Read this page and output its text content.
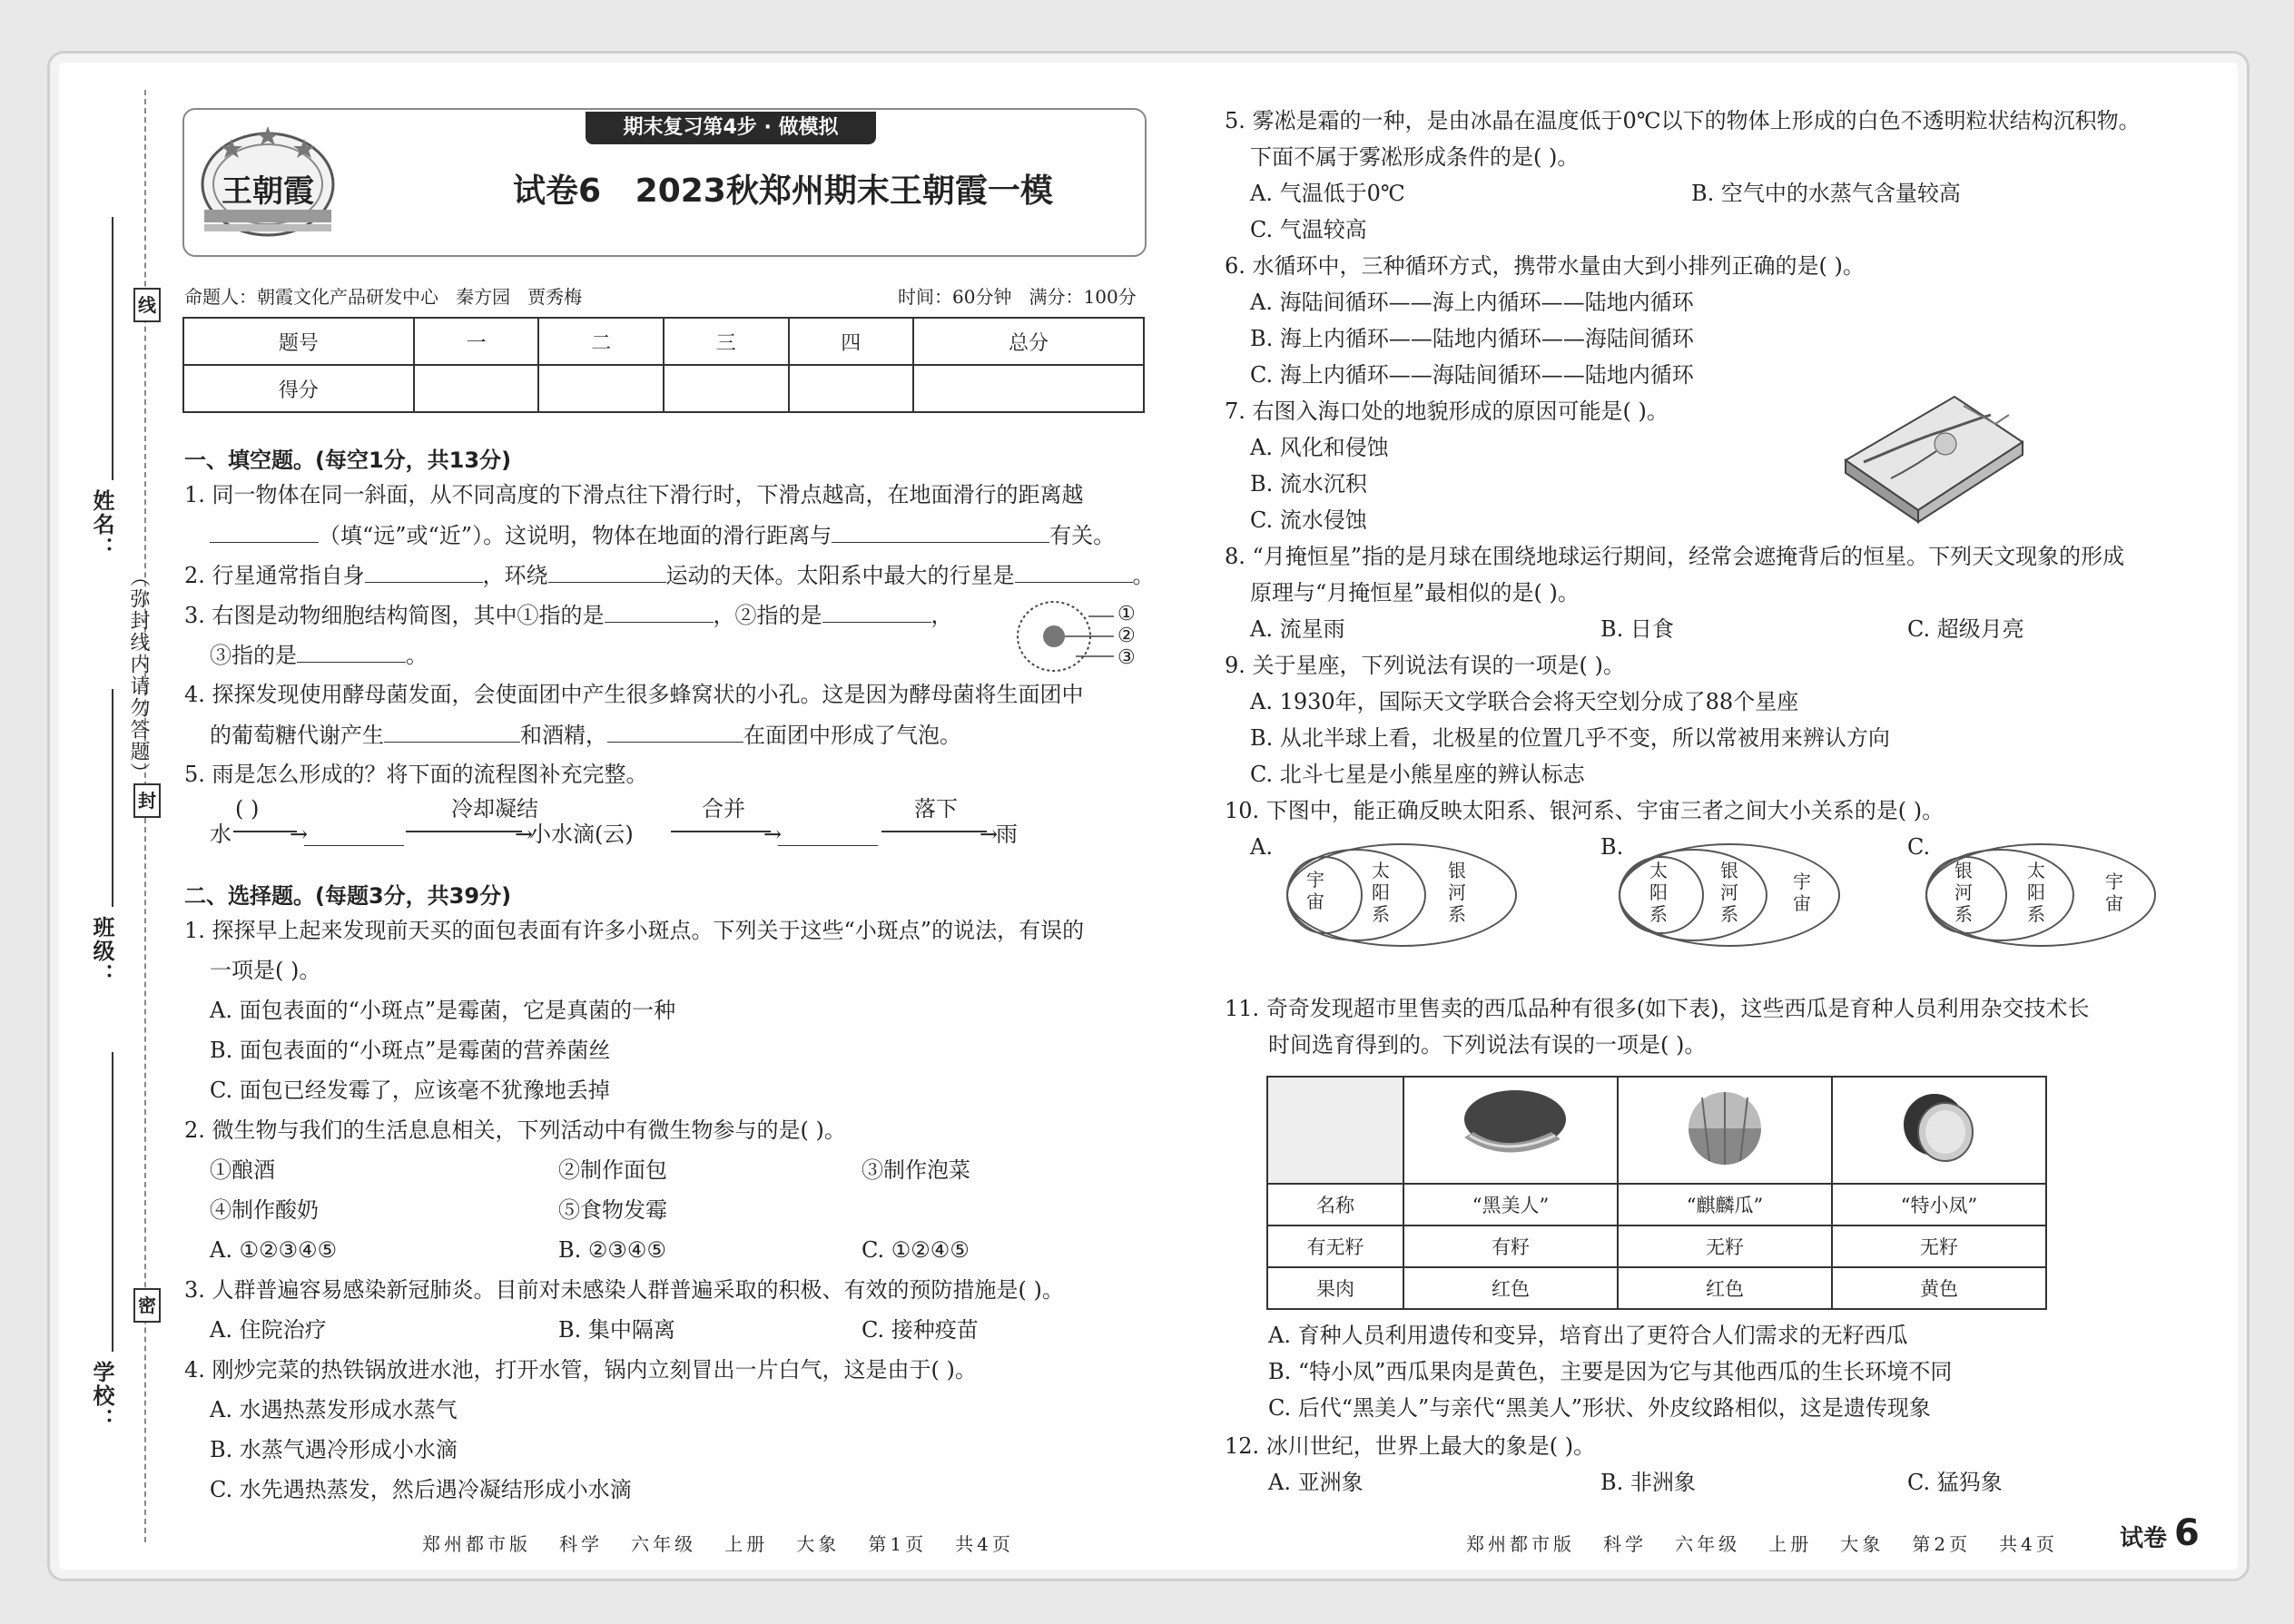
线
封
密
（弥封线内请勿答题）
姓名：
班级：
学校：
期末复习第4步 · 做模拟
王朝霞	试卷6   2023秋郑州期末王朝霞一模
命题人：朝霞文化产品研发中心   秦方园   贾秀梅	时间：60分钟   满分：100分
题号	一	二	三	四	总分
得分					
一、填空题。(每空1分，共13分)
1. 同一物体在同一斜面，从不同高度的下滑点往下滑行时，下滑点越高，在地面滑行的距离越
（填“远”或“近”）。这说明，物体在地面的滑行距离与	有关。
2. 行星通常指自身	，环绕	运动的天体。太阳系中最大的行星是	。
3. 右图是动物细胞结构简图，其中①指的是	，②指的是	，
③指的是	。
①
②
③
4. 探探发现使用酵母菌发面，会使面团中产生很多蜂窝状的小孔。这是因为酵母菌将生面团中
的葡萄糖代谢产生	和酒精，	在面团中形成了气泡。
5. 雨是怎么形成的？将下面的流程图补充完整。
水
( )
→
冷却凝结
→
小水滴(云)
合并
→
落下
→
雨
二、选择题。(每题3分，共39分)
1. 探探早上起来发现前天买的面包表面有许多小斑点。下列关于这些“小斑点”的说法，有误的
一项是( )。
A. 面包表面的“小斑点”是霉菌，它是真菌的一种
B. 面包表面的“小斑点”是霉菌的营养菌丝
C. 面包已经发霉了，应该毫不犹豫地丢掉
2. 微生物与我们的生活息息相关，下列活动中有微生物参与的是( )。
①酿酒	②制作面包	③制作泡菜
④制作酸奶	⑤食物发霉
A. ①②③④⑤	B. ②③④⑤	C. ①②④⑤
3. 人群普遍容易感染新冠肺炎。目前对未感染人群普遍采取的积极、有效的预防措施是( )。
A. 住院治疗	B. 集中隔离	C. 接种疫苗
4. 刚炒完菜的热铁锅放进水池，打开水管，锅内立刻冒出一片白气，这是由于( )。
A. 水遇热蒸发形成水蒸气
B. 水蒸气遇冷形成小水滴
C. 水先遇热蒸发，然后遇冷凝结形成小水滴
郑州都市版   科学   六年级   上册   大象   第1页   共4页
5. 雾凇是霜的一种，是由冰晶在温度低于0℃以下的物体上形成的白色不透明粒状结构沉积物。
下面不属于雾凇形成条件的是( )。
A. 气温低于0℃	B. 空气中的水蒸气含量较高
C. 气温较高
6. 水循环中，三种循环方式，携带水量由大到小排列正确的是( )。
A. 海陆间循环——海上内循环——陆地内循环
B. 海上内循环——陆地内循环——海陆间循环
C. 海上内循环——海陆间循环——陆地内循环
7. 右图入海口处的地貌形成的原因可能是( )。
A. 风化和侵蚀
B. 流水沉积
C. 流水侵蚀
8. “月掩恒星”指的是月球在围绕地球运行期间，经常会遮掩背后的恒星。下列天文现象的形成
原理与“月掩恒星”最相似的是( )。
A. 流星雨	B. 日食	C. 超级月亮
9. 关于星座，下列说法有误的一项是( )。
A. 1930年，国际天文学联合会将天空划分成了88个星座
B. 从北半球上看，北极星的位置几乎不变，所以常被用来辨认方向
C. 北斗七星是小熊星座的辨认标志
10. 下图中，能正确反映太阳系、银河系、宇宙三者之间大小关系的是( )。
A.
宇宙
太阳系
银河系
B.
太阳系
银河系
宇宙
C.
银河系
太阳系
宇宙
11. 奇奇发现超市里售卖的西瓜品种有很多(如下表)，这些西瓜是育种人员利用杂交技术长
时间选育得到的。下列说法有误的一项是( )。

名称	“黑美人”	“麒麟瓜”	“特小凤”
有无籽	有籽	无籽	无籽
果肉	红色	红色	黄色
A. 育种人员利用遗传和变异，培育出了更符合人们需求的无籽西瓜
B. “特小凤”西瓜果肉是黄色，主要是因为它与其他西瓜的生长环境不同
C. 后代“黑美人”与亲代“黑美人”形状、外皮纹路相似，这是遗传现象
12. 冰川世纪，世界上最大的象是( )。
A. 亚洲象	B. 非洲象	C. 猛犸象
郑州都市版   科学   六年级   上册   大象   第2页   共4页	试卷 6
